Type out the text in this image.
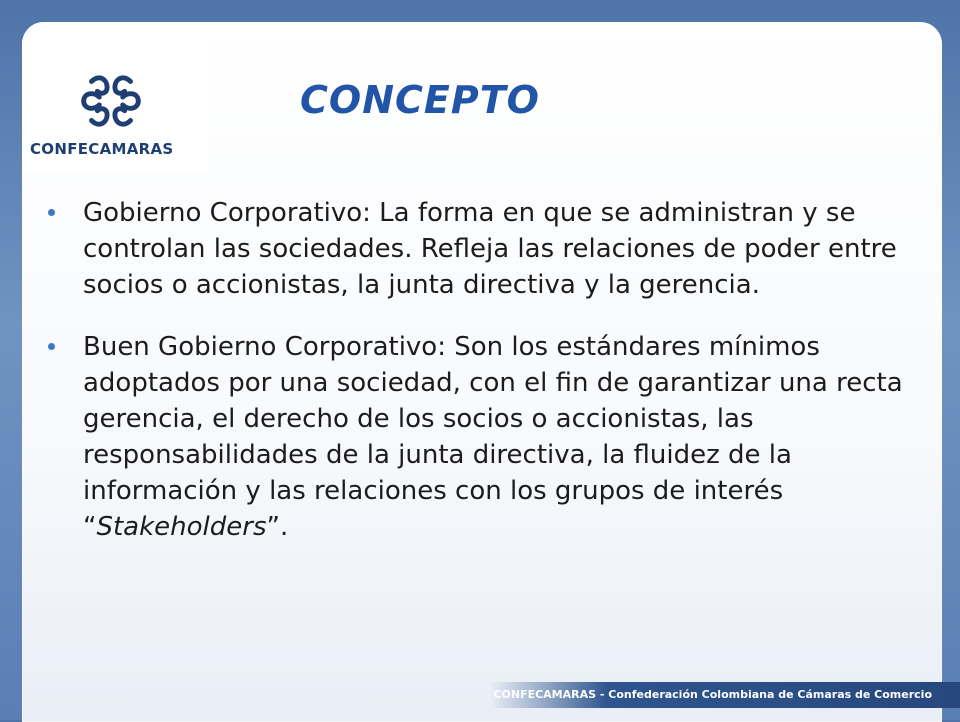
CONFECAMARAS
CONCEPTO
Gobierno Corporativo: La forma en que se administran y se controlan las sociedades. Refleja las relaciones de poder entre socios o accionistas, la junta directiva y la gerencia.
Buen Gobierno Corporativo: Son los estándares mínimos adoptados por una sociedad, con el fin de garantizar una recta gerencia, el derecho de los socios o accionistas, las responsabilidades de la junta directiva, la fluidez de la información y las relaciones con los grupos de interés “Stakeholders”.
CONFECAMARAS - Confederación Colombiana de Cámaras de Comercio
